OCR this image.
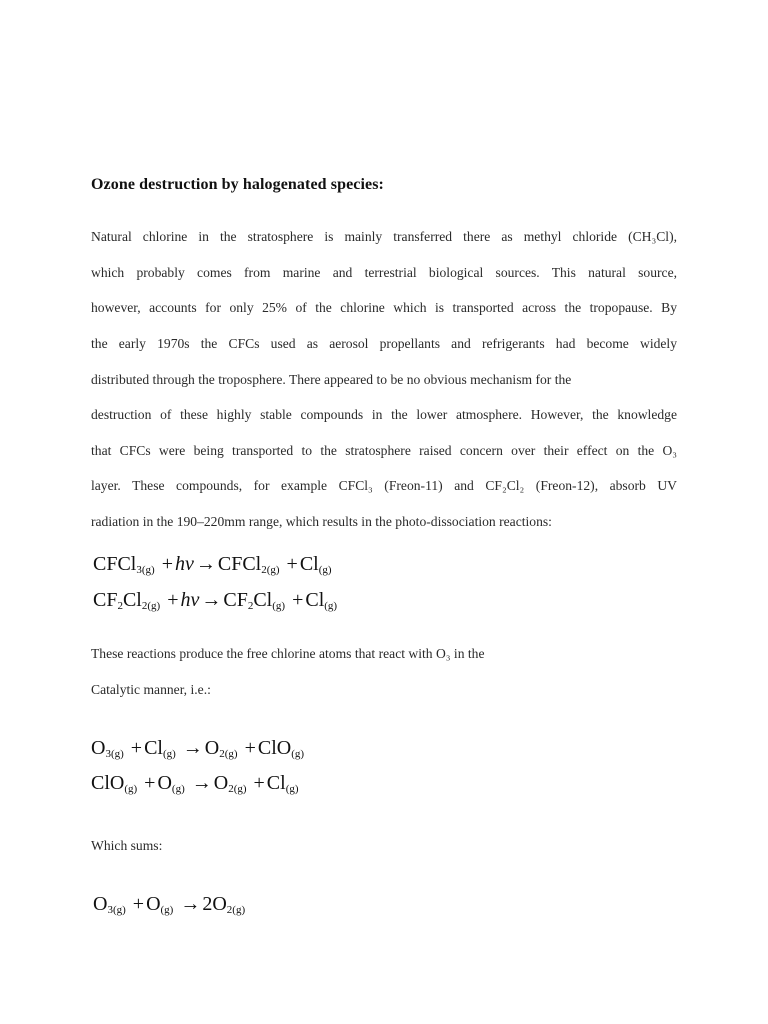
Ozone destruction by halogenated species:
Natural chlorine in the stratosphere is mainly transferred there as methyl chloride (CH₃Cl),
which probably comes from marine and terrestrial biological sources. This natural source,
however, accounts for only 25% of the chlorine which is transported across the tropopause. By
the early 1970s the CFCs used as aerosol propellants and refrigerants had become widely
distributed through the troposphere. There appeared to be no obvious mechanism for the
destruction of these highly stable compounds in the lower atmosphere. However, the knowledge
that CFCs were being transported to the stratosphere raised concern over their effect on the O₃
layer. These compounds, for example CFCl₃ (Freon-11) and CF₂Cl₂ (Freon-12), absorb UV
radiation in the 190–220mm range, which results in the photo-dissociation reactions:
CFCl$_{3(g)}$ + hν → CFCl$_{2(g)}$ + $Cl_{(g)}$
$CF_2Cl_{2(g)} + h\nu \to CF_2Cl_{(g)} + Cl_{(g)}$
These reactions produce the free chlorine atoms that react with O₃ in the
Catalytic manner, i.e.:
$O_{3(g)} + Cl_{(g)} \to O_{2(g)} + ClO_{(g)}$
$ClO_{(g)} + O_{(g)} \to O_{2(g)} + Cl_{(g)}$
Which sums:
$O_{3(g)} + O_{(g)} \to 2O_{2(g)}$
